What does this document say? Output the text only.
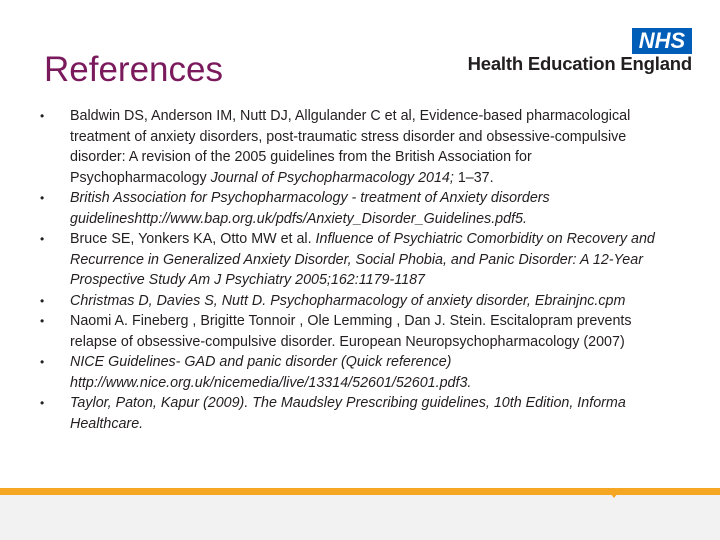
References
NHS
Health Education England
• Baldwin DS, Anderson IM, Nutt DJ, Allgulander C et al, Evidence-based pharmacological treatment of anxiety disorders, post-traumatic stress disorder and obsessive-compulsive disorder: A revision of the 2005 guidelines from the British Association for Psychopharmacology Journal of Psychopharmacology 2014; 1–37.
• British Association for Psychopharmacology - treatment of Anxiety disorders guidelineshttp://www.bap.org.uk/pdfs/Anxiety_Disorder_Guidelines.pdf5.
• Bruce SE, Yonkers KA, Otto MW et al. Influence of Psychiatric Comorbidity on Recovery and Recurrence in Generalized Anxiety Disorder, Social Phobia, and Panic Disorder: A 12-Year Prospective Study Am J Psychiatry 2005;162:1179-1187
• Christmas D, Davies S, Nutt D. Psychopharmacology of anxiety disorder, Ebrainjnc.cpm
• Naomi A. Fineberg , Brigitte Tonnoir , Ole Lemming , Dan J. Stein. Escitalopram prevents relapse of obsessive-compulsive disorder. European Neuropsychopharmacology (2007)
• NICE Guidelines- GAD and panic disorder (Quick reference) http://www.nice.org.uk/nicemedia/live/13314/52601/52601.pdf3.
• Taylor, Paton, Kapur (2009). The Maudsley Prescribing guidelines, 10th Edition, Informa Healthcare.
